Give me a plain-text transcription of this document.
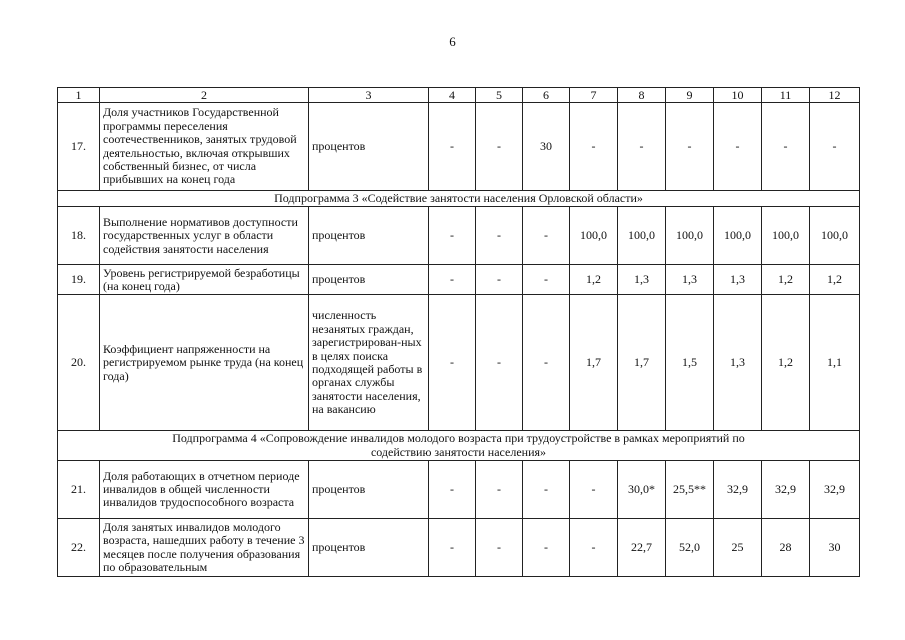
6
1	2	3	4	5	6	7	8	9	10	11	12
17.	Доля участников Государственной программы переселения соотечественников, занятых трудовой деятельностью, включая открывших собственный бизнес, от числа прибывших на конец года	процентов	-	-	30	-	-	-	-	-	-
Подпрограмма 3 «Содействие занятости населения Орловской области»											
18.	Выполнение нормативов доступности государственных услуг в области содействия занятости населения	процентов	-	-	-	100,0	100,0	100,0	100,0	100,0	100,0
19.	Уровень регистрируемой безработицы (на конец года)	процентов	-	-	-	1,2	1,3	1,3	1,3	1,2	1,2
20.	Коэффициент напряженности на регистрируемом рынке труда (на конец года)	численность незанятых граждан, зарегистрирован-ных в целях поиска подходящей работы в органах службы занятости населения, на вакансию	-	-	-	1,7	1,7	1,5	1,3	1,2	1,1

Подпрограмма 4 «Сопровождение инвалидов молодого возраста при трудоустройстве в рамках мероприятий по содействию занятости населения»											

21.	Доля работающих в отчетном периоде инвалидов в общей численности инвалидов трудоспособного возраста	процентов	-	-	-	-	30,0*	25,5**	32,9	32,9	32,9
22.	Доля занятых инвалидов молодого возраста, нашедших работу в течение 3 месяцев после получения образования по образовательным	процентов	-	-	-	-	22,7	52,0	25	28	30
